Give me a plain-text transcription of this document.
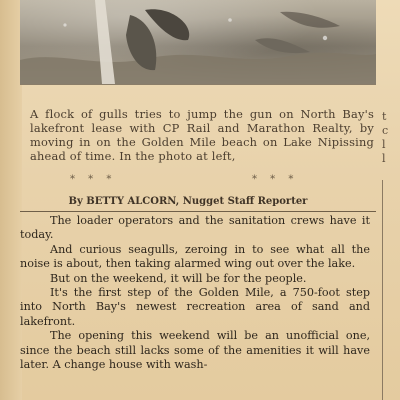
A flock of gulls tries to jump the gun on North Bay's lakefront lease with CP Rail and Marathon Realty, by moving in on the Golden Mile beach on Lake Nipissing ahead of time. In the photo at left,
t
c
l
l
* * *	* * *
By BETTY ALCORN, Nugget Staff Reporter

The loader operators and the sanitation crews have it today.

And curious seagulls, zeroing in to see what all the noise is about, then taking alarmed wing out over the lake.

But on the weekend, it will be for the people.

It's the first step of the Golden Mile, a 750-foot step into North Bay's newest recreation area of sand and lakefront.

The opening this weekend will be an unofficial one, since the beach still lacks some of the amenities it will have later. A change house with wash-
